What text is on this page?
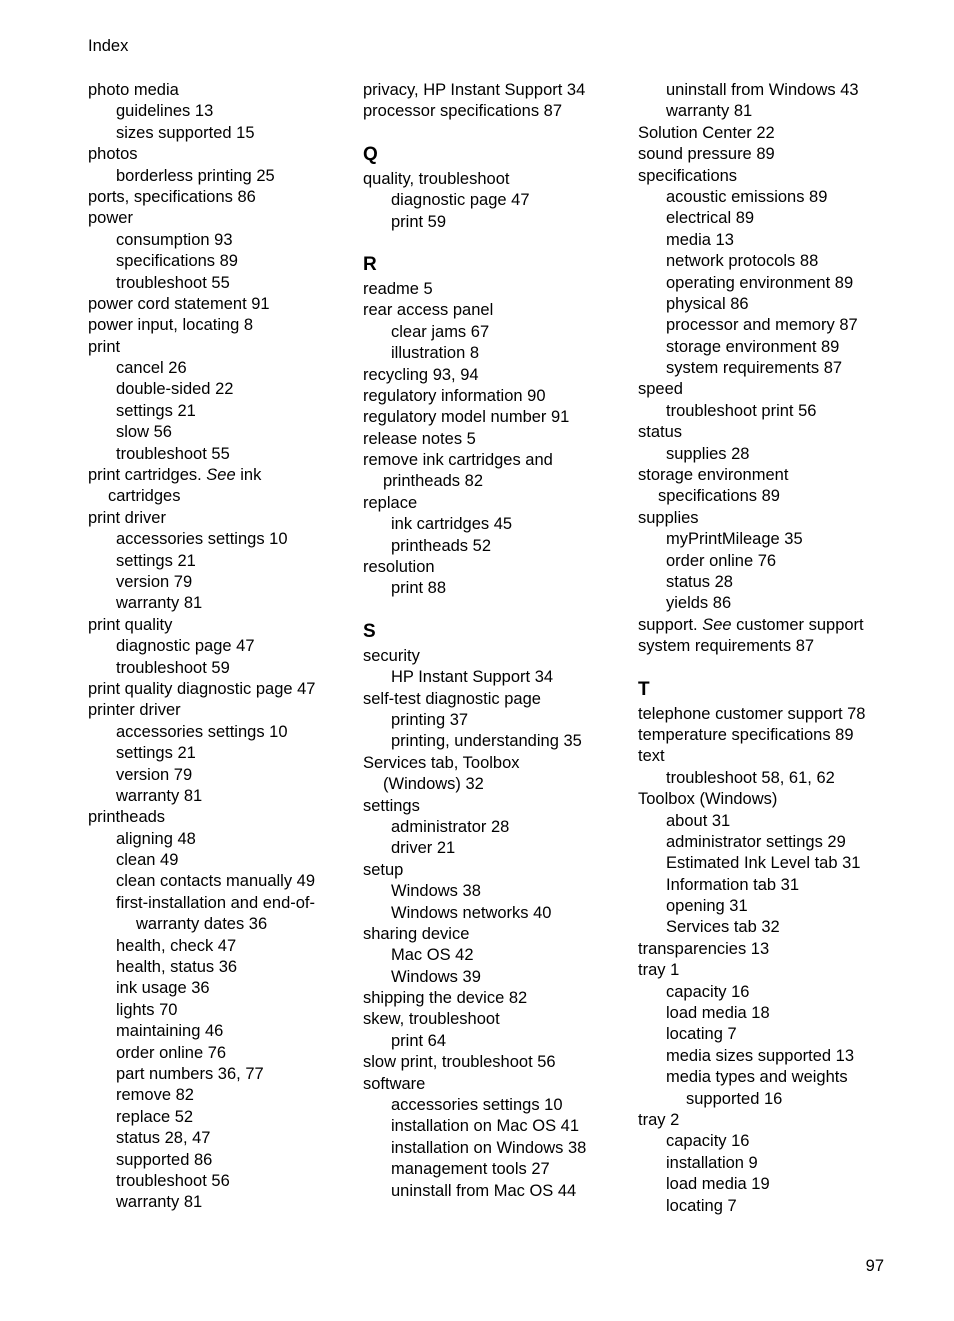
Index
photo media
guidelines 13
sizes supported 15
photos
borderless printing 25
ports, specifications 86
power
consumption 93
specifications 89
troubleshoot 55
power cord statement 91
power input, locating 8
print
cancel 26
double-sided 22
settings 21
slow 56
troubleshoot 55
print cartridges. See ink
cartridges
print driver
accessories settings 10
settings 21
version 79
warranty 81
print quality
diagnostic page 47
troubleshoot 59
print quality diagnostic page 47
printer driver
accessories settings 10
settings 21
version 79
warranty 81
printheads
aligning 48
clean 49
clean contacts manually 49
first-installation and end-of-
warranty dates 36
health, check 47
health, status 36
ink usage 36
lights 70
maintaining 46
order online 76
part numbers 36, 77
remove 82
replace 52
status 28, 47
supported 86
troubleshoot 56
warranty 81
privacy, HP Instant Support 34
processor specifications 87
Q
quality, troubleshoot
diagnostic page 47
print 59
R
readme 5
rear access panel
clear jams 67
illustration 8
recycling 93, 94
regulatory information 90
regulatory model number 91
release notes 5
remove ink cartridges and
printheads 82
replace
ink cartridges 45
printheads 52
resolution
print 88
S
security
HP Instant Support 34
self-test diagnostic page
printing 37
printing, understanding 35
Services tab, Toolbox
(Windows) 32
settings
administrator 28
driver 21
setup
Windows 38
Windows networks 40
sharing device
Mac OS 42
Windows 39
shipping the device 82
skew, troubleshoot
print 64
slow print, troubleshoot 56
software
accessories settings 10
installation on Mac OS 41
installation on Windows 38
management tools 27
uninstall from Mac OS 44
uninstall from Windows 43
warranty 81
Solution Center 22
sound pressure 89
specifications
acoustic emissions 89
electrical 89
media 13
network protocols 88
operating environment 89
physical 86
processor and memory 87
storage environment 89
system requirements 87
speed
troubleshoot print 56
status
supplies 28
storage environment
specifications 89
supplies
myPrintMileage 35
order online 76
status 28
yields 86
support. See customer support
system requirements 87
T
telephone customer support 78
temperature specifications 89
text
troubleshoot 58, 61, 62
Toolbox (Windows)
about 31
administrator settings 29
Estimated Ink Level tab 31
Information tab 31
opening 31
Services tab 32
transparencies 13
tray 1
capacity 16
load media 18
locating 7
media sizes supported 13
media types and weights
supported 16
tray 2
capacity 16
installation 9
load media 19
locating 7
97
